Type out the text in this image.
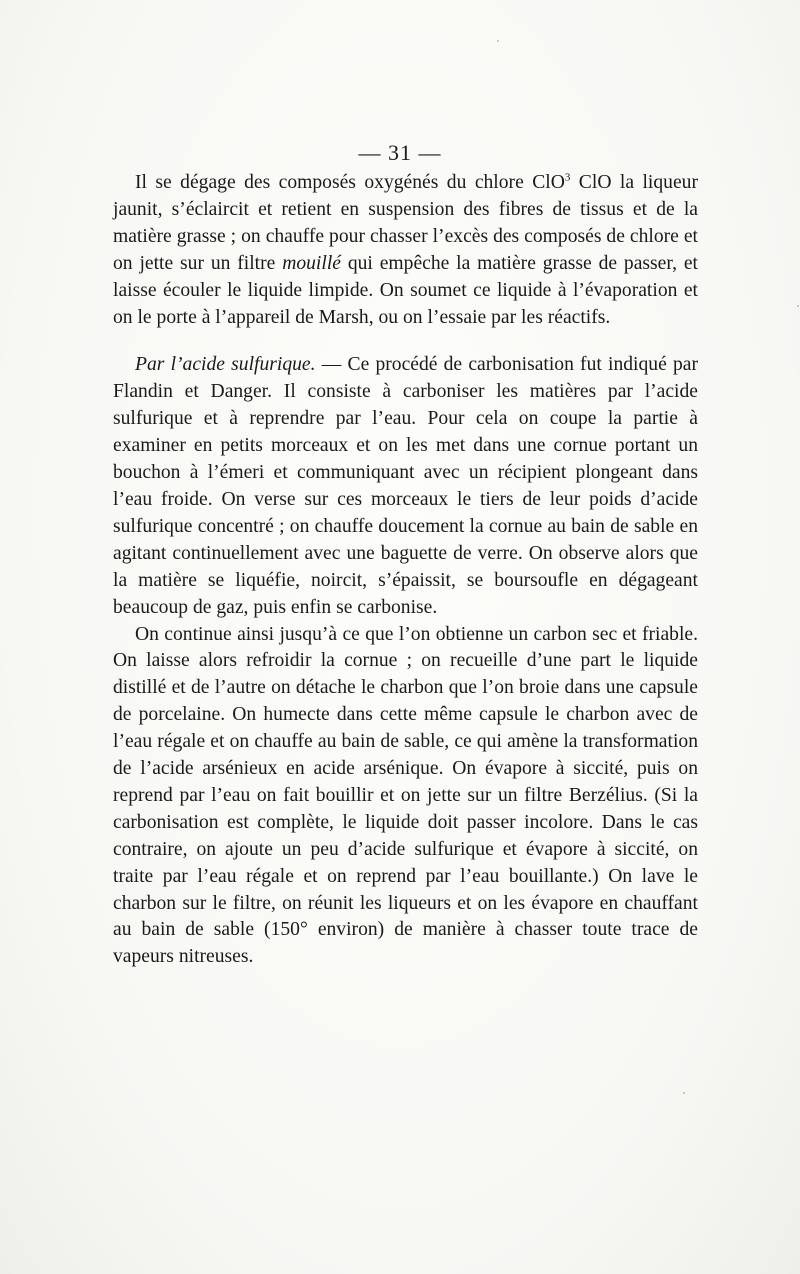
— 31 —

Il se dégage des composés oxygénés du chlore ClO$^3$ ClO la liqueur jaunit, s’éclaircit et retient en suspension des fibres de tissus et de la matière grasse ; on chauffe pour chasser l’excès des composés de chlore et on jette sur un filtre mouillé qui empêche la matière grasse de passer, et laisse écouler le liquide limpide. On soumet ce liquide à l’évaporation et on le porte à l’appareil de Marsh, ou on l’essaie par les réactifs.

Par l’acide sulfurique. — Ce procédé de carbonisation fut indiqué par Flandin et Danger. Il consiste à carboniser les matières par l’acide sulfurique et à reprendre par l’eau. Pour cela on coupe la partie à examiner en petits morceaux et on les met dans une cornue portant un bouchon à l’émeri et communiquant avec un récipient plongeant dans l’eau froide. On verse sur ces morceaux le tiers de leur poids d’acide sulfurique concentré ; on chauffe doucement la cornue au bain de sable en agitant continuellement avec une baguette de verre. On observe alors que la matière se liquéfie, noircit, s’épaissit, se boursoufle en dégageant beaucoup de gaz, puis enfin se carbonise.

On continue ainsi jusqu’à ce que l’on obtienne un carbon sec et friable. On laisse alors refroidir la cornue ; on recueille d’une part le liquide distillé et de l’autre on détache le charbon que l’on broie dans une capsule de porcelaine. On humecte dans cette même capsule le charbon avec de l’eau régale et on chauffe au bain de sable, ce qui amène la transformation de l’acide arsénieux en acide arsénique. On évapore à siccité, puis on reprend par l’eau on fait bouillir et on jette sur un filtre Berzélius. (Si la carbonisation est complète, le liquide doit passer incolore. Dans le cas contraire, on ajoute un peu d’acide sulfurique et évapore à siccité, on traite par l’eau régale et on reprend par l’eau bouillante.) On lave le charbon sur le filtre, on réunit les liqueurs et on les évapore en chauffant au bain de sable (150° environ) de manière à chasser toute trace de vapeurs nitreuses.
